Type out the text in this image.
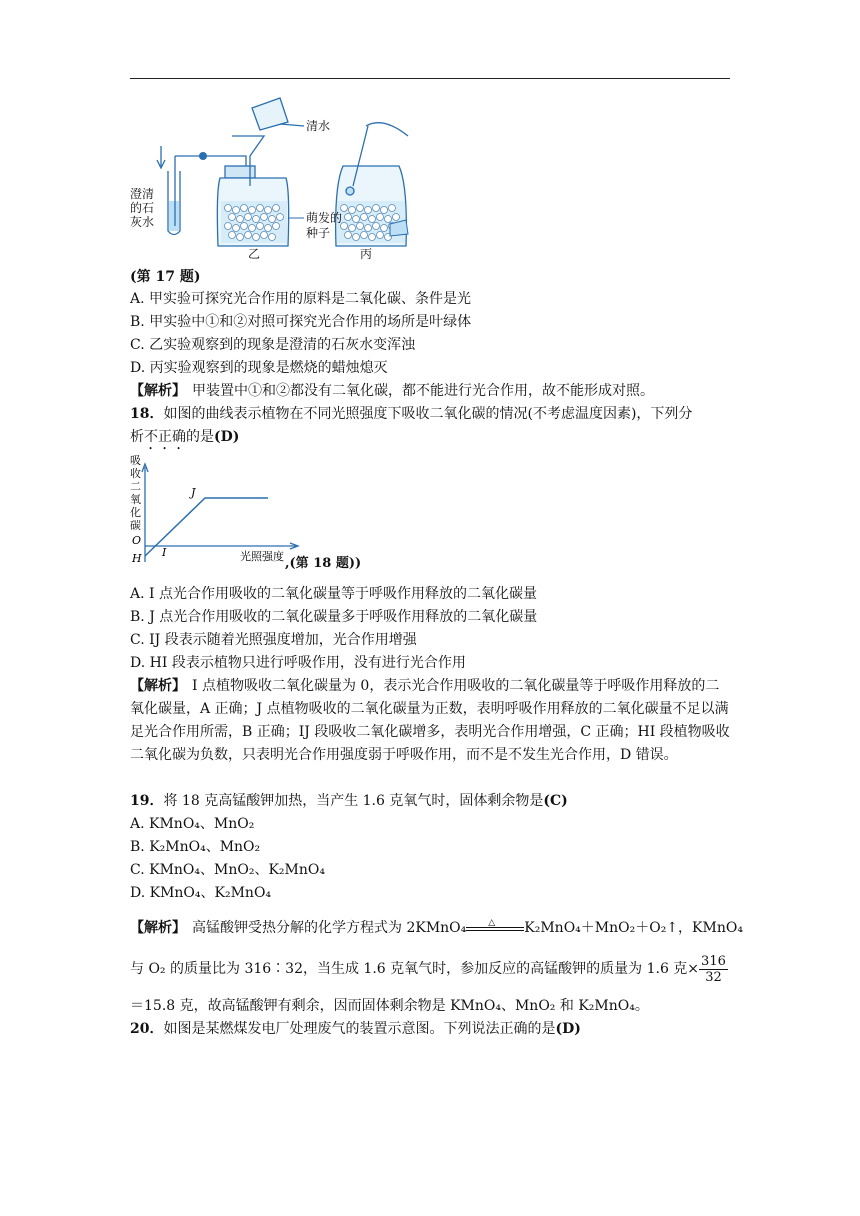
清水
澄清
的石
灰水	萌发的
种子
乙	丙
(第 17 题)
A. 甲实验可探究光合作用的原料是二氧化碳、条件是光
B. 甲实验中①和②对照可探究光合作用的场所是叶绿体
C. 乙实验观察到的现象是澄清的石灰水变浑浊
D. 丙实验观察到的现象是燃烧的蜡烛熄灭
【解析】 甲装置中①和②都没有二氧化碳，都不能进行光合作用，故不能形成对照。
18．如图的曲线表示植物在不同光照强度下吸收二氧化碳的情况(不考虑温度因素)，下列分
析不正确的是(D)
吸
收
二
氧
化
碳
J
I
O
H	光照强度 ,(第 18 题))
A. I 点光合作用吸收的二氧化碳量等于呼吸作用释放的二氧化碳量
B. J 点光合作用吸收的二氧化碳量多于呼吸作用释放的二氧化碳量
C. IJ 段表示随着光照强度增加，光合作用增强
D. HI 段表示植物只进行呼吸作用，没有进行光合作用
【解析】 I 点植物吸收二氧化碳量为 0，表示光合作用吸收的二氧化碳量等于呼吸作用释放的二氧化碳量，A 正确；J 点植物吸收的二氧化碳量为正数，表明呼吸作用释放的二氧化碳量不足以满足光合作用所需，B 正确；IJ 段吸收二氧化碳增多，表明光合作用增强，C 正确；HI 段植物吸收二氧化碳为负数，只表明光合作用强度弱于呼吸作用，而不是不发生光合作用，D 错误。
19．将 18 克高锰酸钾加热，当产生 1.6 克氧气时，固体剩余物是(C)
A. KMnO₄、MnO₂
B. K₂MnO₄、MnO₂
C. KMnO₄、MnO₂、K₂MnO₄
D. KMnO₄、K₂MnO₄
【解析】 高锰酸钾受热分解的化学方程式为 2KMnO₄ △ K₂MnO₄＋MnO₂＋O₂↑，KMnO₄
与 O₂ 的质量比为 316∶32，当生成 1.6 克氧气时，参加反应的高锰酸钾的质量为 1.6 克× $\frac{316}{32}$
＝15.8 克，故高锰酸钾有剩余，因而固体剩余物是 KMnO₄、MnO₂ 和 K₂MnO₄。
20．如图是某燃煤发电厂处理废气的装置示意图。下列说法正确的是(D)
